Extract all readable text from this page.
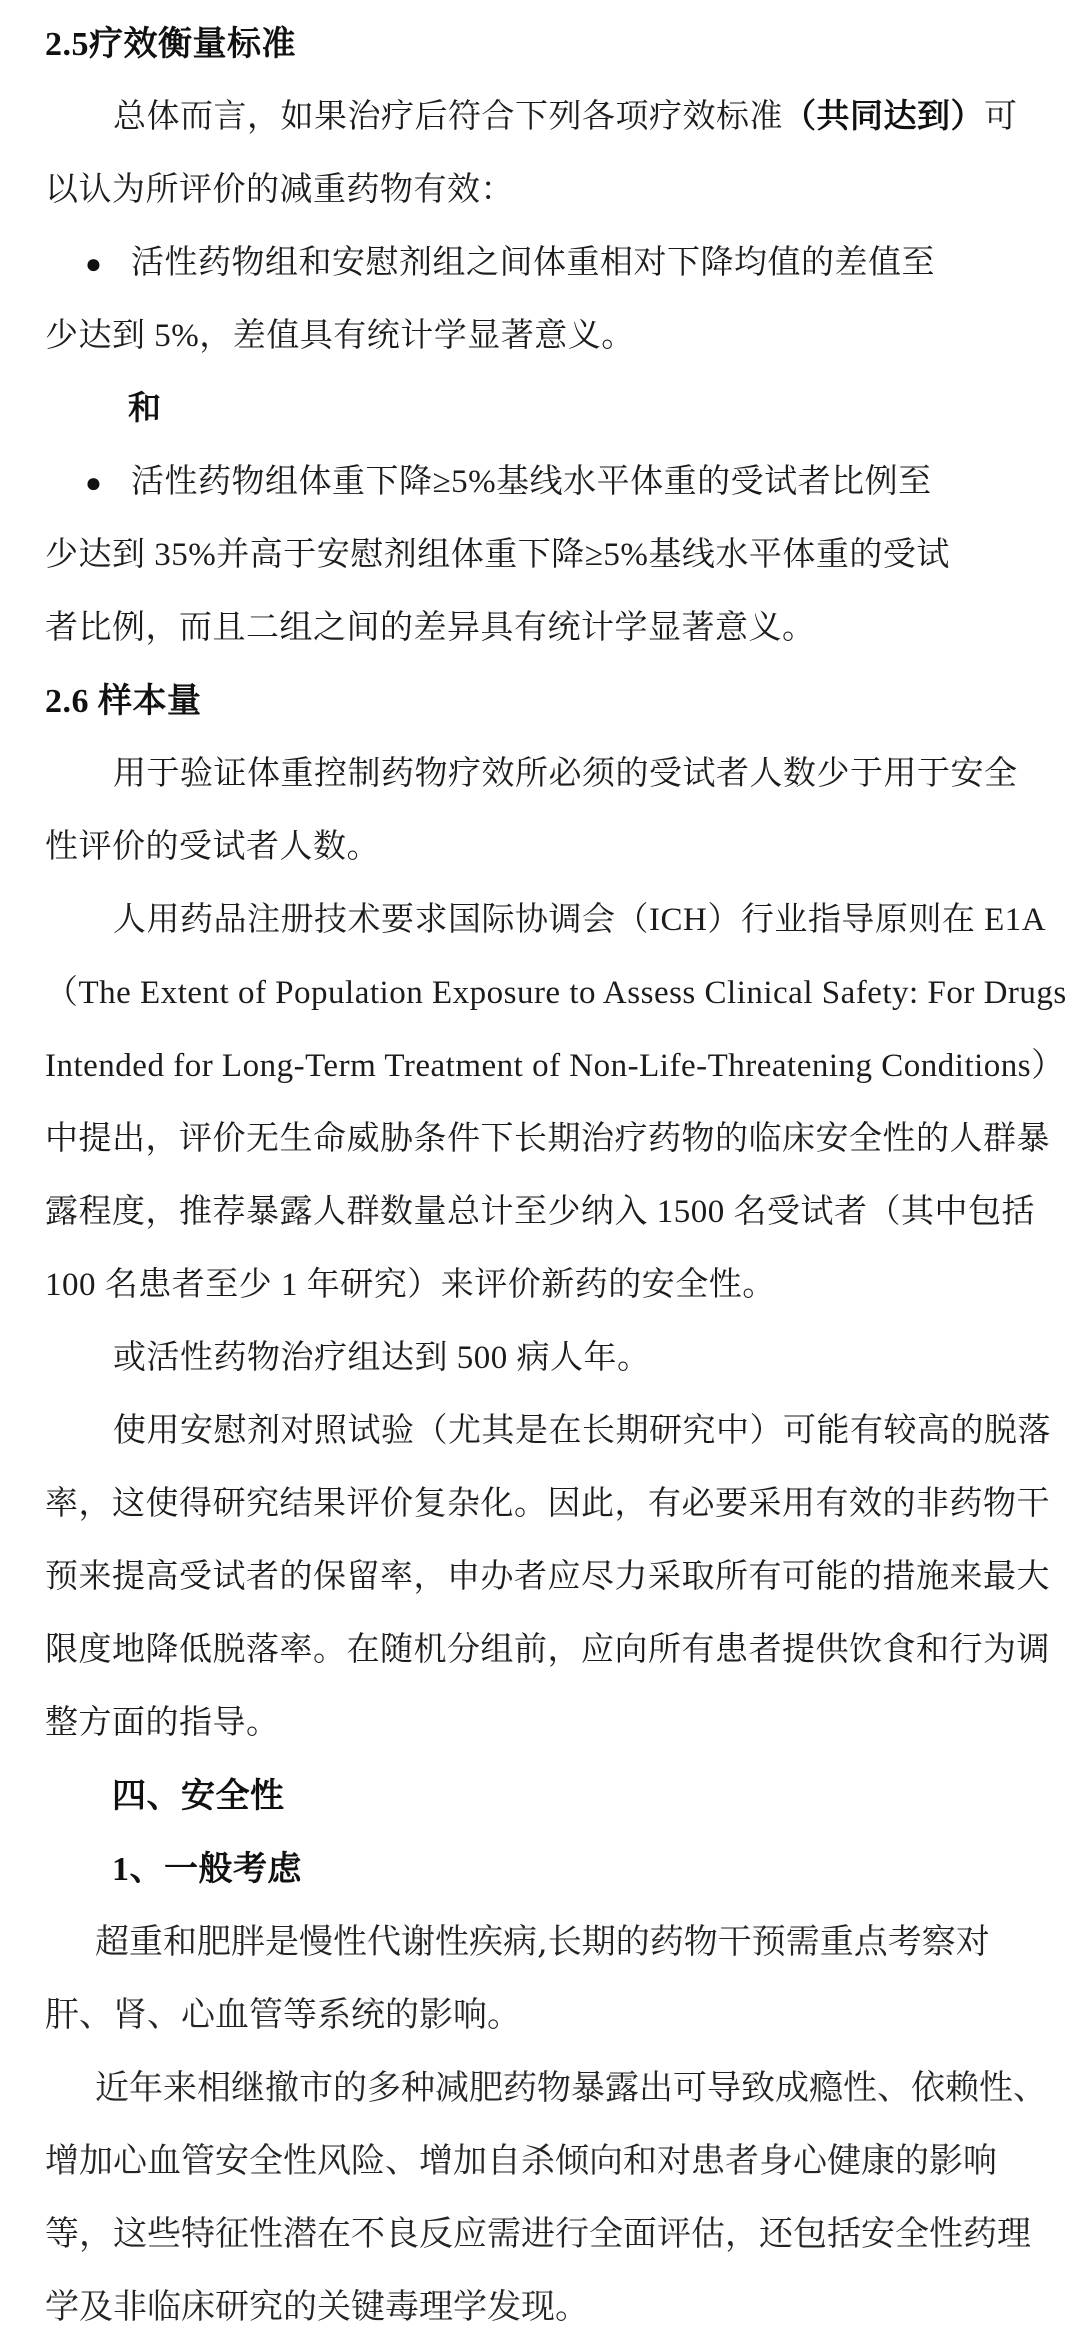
2.5疗效衡量标准
总体而言，如果治疗后符合下列各项疗效标准（共同达到）可
以认为所评价的减重药物有效：
● 活性药物组和安慰剂组之间体重相对下降均值的差值至
少达到 5%，差值具有统计学显著意义。
和
● 活性药物组体重下降≥5%基线水平体重的受试者比例至
少达到 35%并高于安慰剂组体重下降≥5%基线水平体重的受试
者比例，而且二组之间的差异具有统计学显著意义。
2.6 样本量
用于验证体重控制药物疗效所必须的受试者人数少于用于安全
性评价的受试者人数。
人用药品注册技术要求国际协调会（ICH）行业指导原则在 E1A
（The Extent of Population Exposure to Assess Clinical Safety: For Drugs
Intended for Long-Term Treatment of Non-Life-Threatening Conditions）
中提出，评价无生命威胁条件下长期治疗药物的临床安全性的人群暴
露程度，推荐暴露人群数量总计至少纳入 1500 名受试者（其中包括
100 名患者至少 1 年研究）来评价新药的安全性。
或活性药物治疗组达到 500 病人年。
使用安慰剂对照试验（尤其是在长期研究中）可能有较高的脱落
率，这使得研究结果评价复杂化。因此，有必要采用有效的非药物干
预来提高受试者的保留率，申办者应尽力采取所有可能的措施来最大
限度地降低脱落率。在随机分组前，应向所有患者提供饮食和行为调
整方面的指导。
四、安全性
1、一般考虑
超重和肥胖是慢性代谢性疾病,长期的药物干预需重点考察对
肝、肾、心血管等系统的影响。
近年来相继撤市的多种减肥药物暴露出可导致成瘾性、依赖性、
增加心血管安全性风险、增加自杀倾向和对患者身心健康的影响
等，这些特征性潜在不良反应需进行全面评估，还包括安全性药理
学及非临床研究的关键毒理学发现。
